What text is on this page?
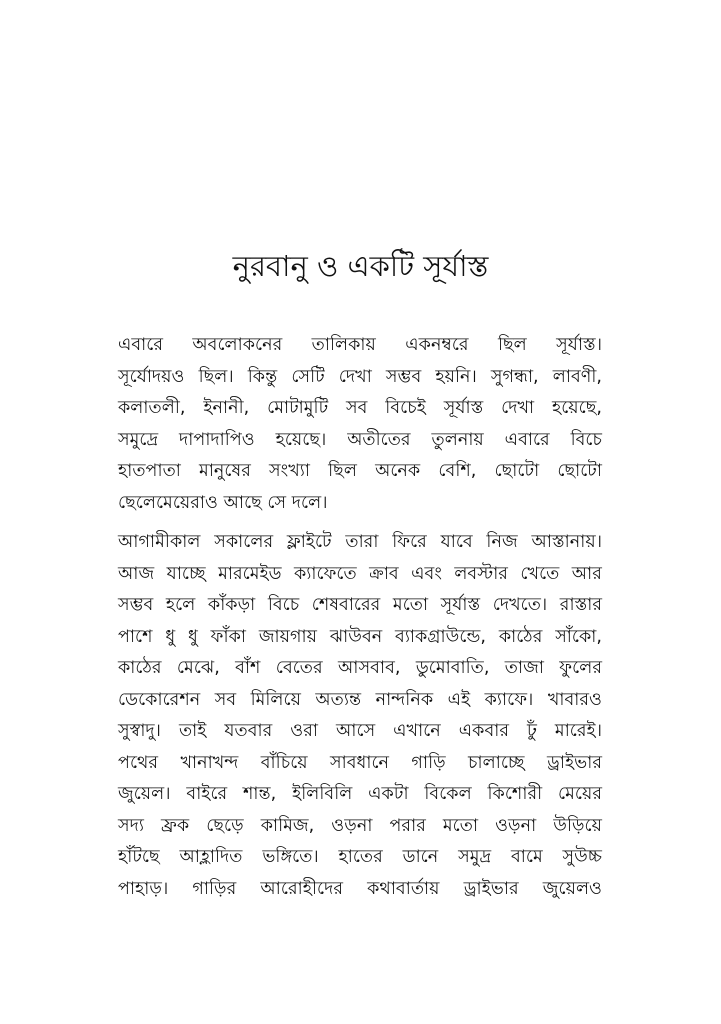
নুরবানু ও একটি সূর্যাস্ত

এবারে অবলোকনের তালিকায় একনম্বরে ছিল সূর্যাস্ত।
সূর্যোদয়ও ছিল। কিন্তু সেটি দেখা সম্ভব হয়নি। সুগন্ধা, লাবণী,
কলাতলী, ইনানী, মোটামুটি সব বিচেই সূর্যাস্ত দেখা হয়েছে,
সমুদ্রে দাপাদাপিও হয়েছে। অতীতের তুলনায় এবারে বিচে
হাতপাতা মানুষের সংখ্যা ছিল অনেক বেশি, ছোটো ছোটো
ছেলেমেয়েরাও আছে সে দলে।

আগামীকাল সকালের ফ্লাইটে তারা ফিরে যাবে নিজ আস্তানায়।
আজ যাচ্ছে মারমেইড ক্যাফেতে ক্রাব এবং লবস্টার খেতে আর
সম্ভব হলে কাঁকড়া বিচে শেষবারের মতো সূর্যাস্ত দেখতে। রাস্তার
পাশে ধু ধু ফাঁকা জায়গায় ঝাউবন ব্যাকগ্রাউন্ডে, কাঠের সাঁকো,
কাঠের মেঝে, বাঁশ বেতের আসবাব, ডুমোবাতি, তাজা ফুলের
ডেকোরেশন সব মিলিয়ে অত্যন্ত নান্দনিক এই ক্যাফে। খাবারও
সুস্বাদু। তাই যতবার ওরা আসে এখানে একবার ঢুঁ মারেই।
পথের খানাখন্দ বাঁচিয়ে সাবধানে গাড়ি চালাচ্ছে ড্রাইভার
জুয়েল। বাইরে শান্ত, ইলিবিলি একটা বিকেল কিশোরী মেয়ের
সদ্য ফ্রক ছেড়ে কামিজ, ওড়না পরার মতো ওড়না উড়িয়ে
হাঁটছে আহ্লাদিত ভঙ্গিতে। হাতের ডানে সমুদ্র বামে সুউচ্চ
পাহাড়। গাড়ির আরোহীদের কথাবার্তায় ড্রাইভার জুয়েলও
